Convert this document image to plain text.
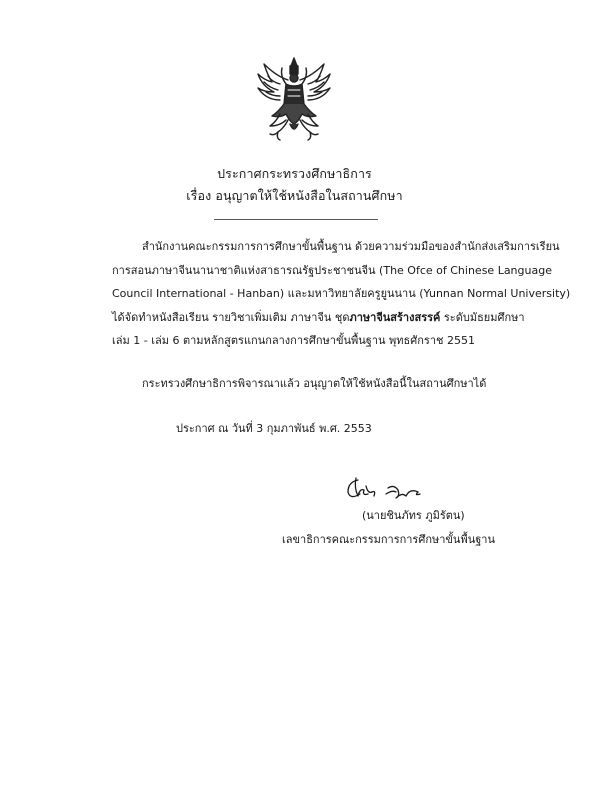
ประกาศกระทรวงศึกษาธิการ
เรื่อง อนุญาตให้ใช้หนังสือในสถานศึกษา
สำนักงานคณะกรรมการการศึกษาขั้นพื้นฐาน ด้วยความร่วมมือของสำนักส่งเสริมการเรียน
การสอนภาษาจีนนานาชาติแห่งสาธารณรัฐประชาชนจีน (The Ofce of Chinese Language
Council International - Hanban) และมหาวิทยาลัยครูยูนนาน (Yunnan Normal University)
ได้จัดทำหนังสือเรียน รายวิชาเพิ่มเติม ภาษาจีน ชุดภาษาจีนสร้างสรรค์ ระดับมัธยมศึกษา
เล่ม 1 - เล่ม 6 ตามหลักสูตรแกนกลางการศึกษาขั้นพื้นฐาน พุทธศักราช 2551
กระทรวงศึกษาธิการพิจารณาแล้ว อนุญาตให้ใช้หนังสือนี้ในสถานศึกษาได้
ประกาศ ณ วันที่ 3 กุมภาพันธ์ พ.ศ. 2553
(นายชินภัทร ภูมิรัตน)
เลขาธิการคณะกรรมการการศึกษาขั้นพื้นฐาน
